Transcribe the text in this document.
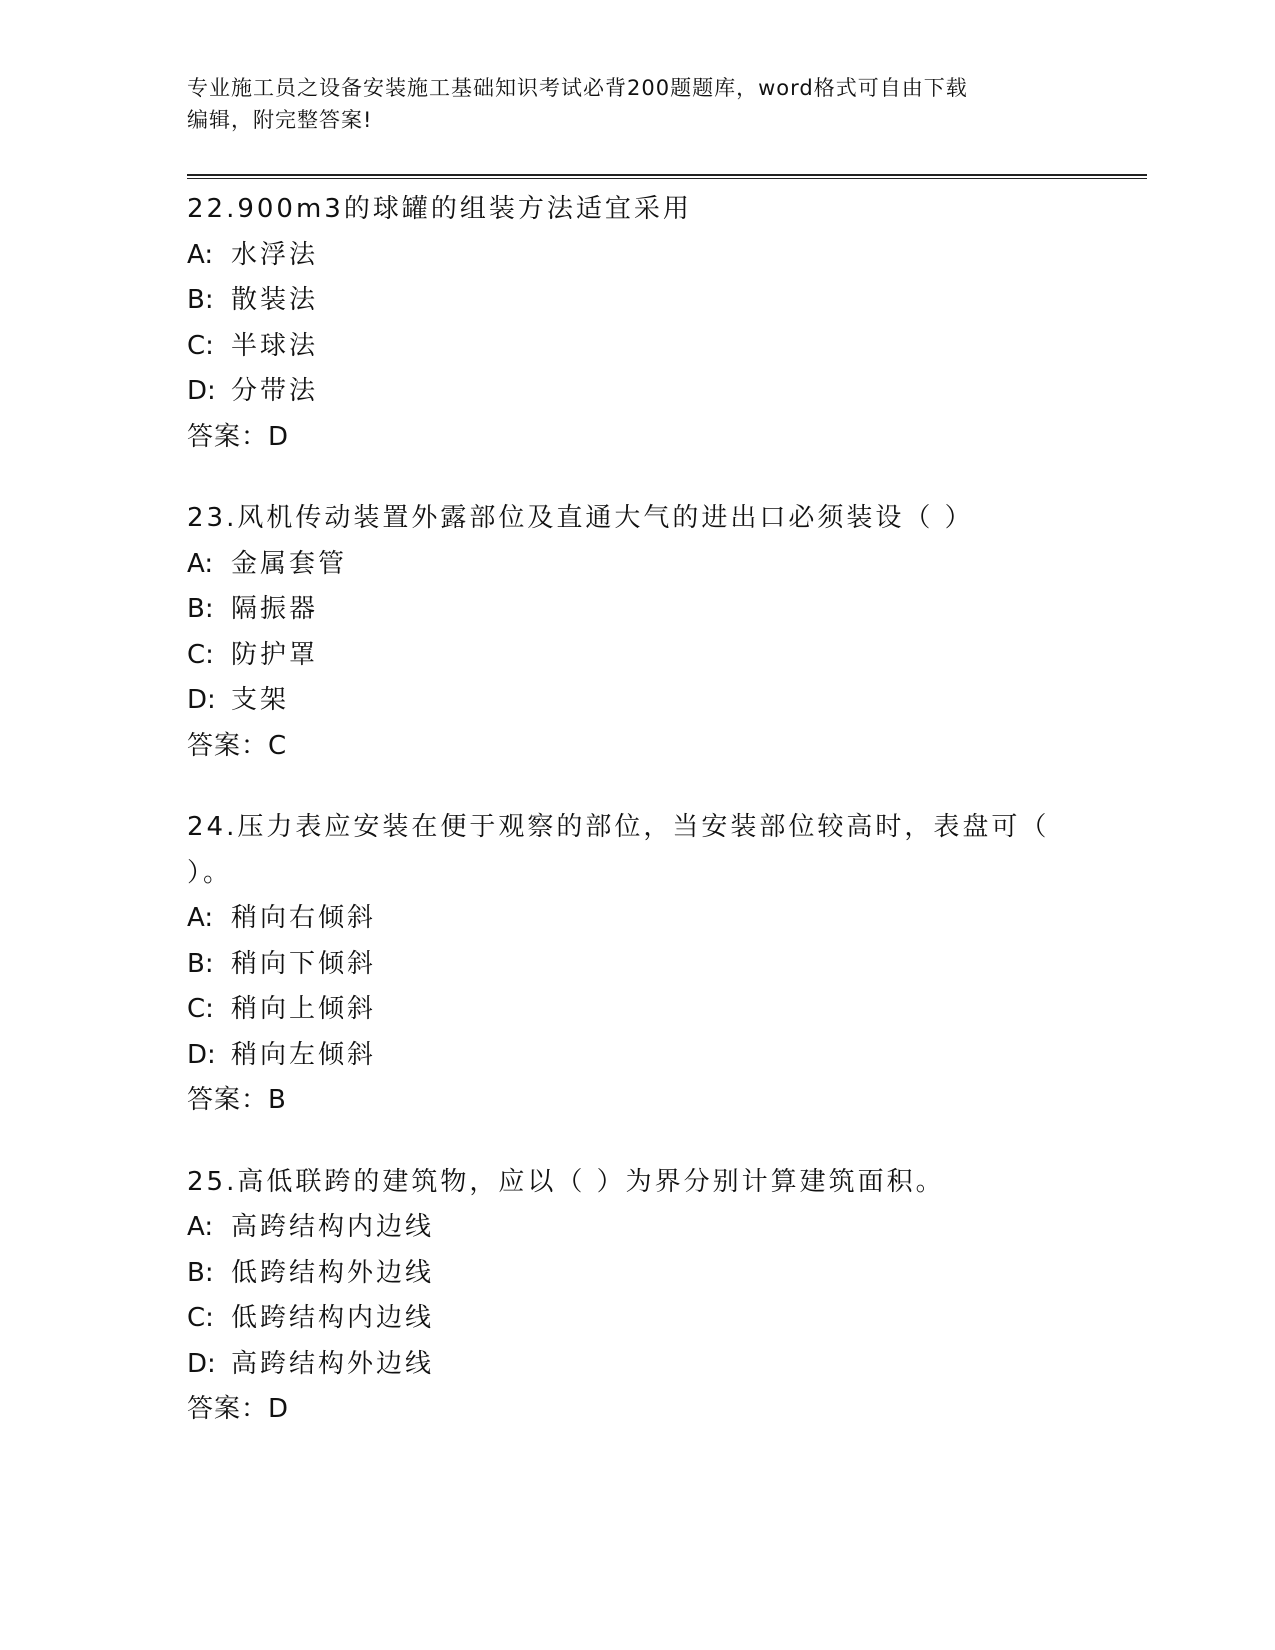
专业施工员之设备安装施工基础知识考试必背200题题库，word格式可自由下载

编辑，附完整答案!

22.900m3的球罐的组装方法适宜采用

A: 水浮法

B: 散装法

C: 半球法

D: 分带法

答案：D

23.风机传动装置外露部位及直通大气的进出口必须装设（ ）

A: 金属套管

B: 隔振器

C: 防护罩

D: 支架

答案：C

24.压力表应安装在便于观察的部位，当安装部位较高时，表盘可（

）。

A: 稍向右倾斜

B: 稍向下倾斜

C: 稍向上倾斜

D: 稍向左倾斜

答案：B

25.高低联跨的建筑物，应以（ ）为界分别计算建筑面积。

A: 高跨结构内边线

B: 低跨结构外边线

C: 低跨结构内边线

D: 高跨结构外边线

答案：D
